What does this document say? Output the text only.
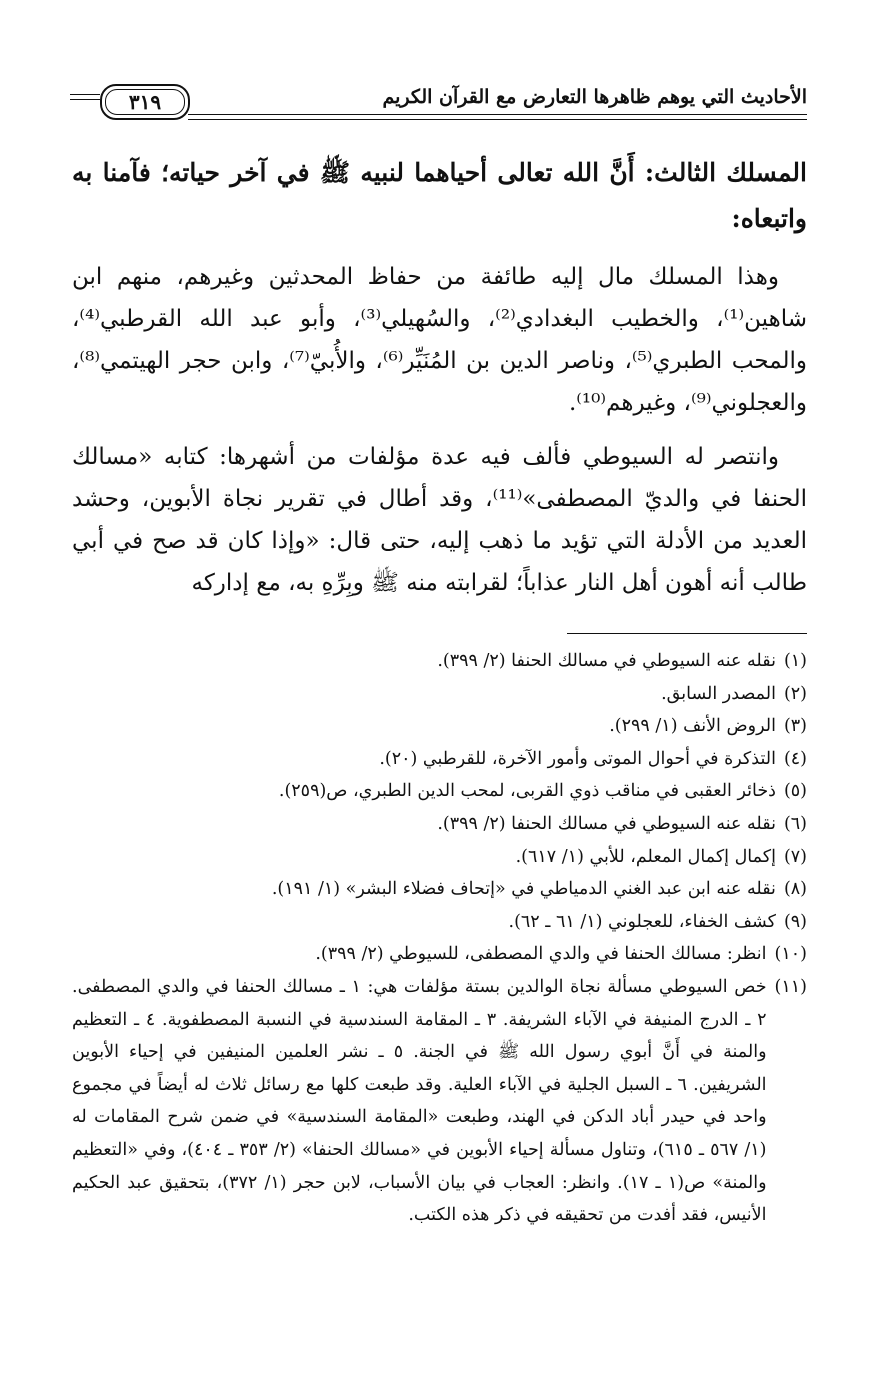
الأحاديث التي يوهم ظاهرها التعارض مع القرآن الكريم
٣١٩

المسلك الثالث: أَنَّ الله تعالى أحياهما لنبيه ﷺ في آخر حياته؛ فآمنا به واتبعاه:

وهذا المسلك مال إليه طائفة من حفاظ المحدثين وغيرهم، منهم ابن شاهين⁽¹⁾، والخطيب البغدادي⁽²⁾، والسُهيلي⁽³⁾، وأبو عبد الله القرطبي⁽⁴⁾، والمحب الطبري⁽⁵⁾، وناصر الدين بن المُنَيِّر⁽⁶⁾، والأُبيّ⁽⁷⁾، وابن حجر الهيتمي⁽⁸⁾، والعجلوني⁽⁹⁾، وغيرهم⁽¹⁰⁾.

وانتصر له السيوطي فألف فيه عدة مؤلفات من أشهرها: كتابه «مسالك الحنفا في والديّ المصطفى»⁽¹¹⁾، وقد أطال في تقرير نجاة الأبوين، وحشد العديد من الأدلة التي تؤيد ما ذهب إليه، حتى قال: «وإذا كان قد صح في أبي طالب أنه أهون أهل النار عذاباً؛ لقرابته منه ﷺ وبِرِّهِ به، مع إداركه

(١)
نقله عنه السيوطي في مسالك الحنفا (٢/ ٣٩٩).
(٢)
المصدر السابق.
(٣)
الروض الأنف (١/ ٢٩٩).
(٤)
التذكرة في أحوال الموتى وأمور الآخرة، للقرطبي (٢٠).
(٥)
ذخائر العقبى في مناقب ذوي القربى، لمحب الدين الطبري، ص(٢٥٩).
(٦)
نقله عنه السيوطي في مسالك الحنفا (٢/ ٣٩٩).
(٧)
إكمال إكمال المعلم، للأبي (١/ ٦١٧).
(٨)
نقله عنه ابن عبد الغني الدمياطي في «إتحاف فضلاء البشر» (١/ ١٩١).
(٩)
كشف الخفاء، للعجلوني (١/ ٦١ ـ ٦٢).
(١٠)
انظر: مسالك الحنفا في والدي المصطفى، للسيوطي (٢/ ٣٩٩).
(١١)
خص السيوطي مسألة نجاة الوالدين بستة مؤلفات هي: ١ ـ مسالك الحنفا في والدي المصطفى. ٢ ـ الدرج المنيفة في الآباء الشريفة. ٣ ـ المقامة السندسية في النسبة المصطفوية. ٤ ـ التعظيم والمنة في أَنَّ أبوي رسول الله ﷺ في الجنة. ٥ ـ نشر العلمين المنيفين في إحياء الأبوين الشريفين. ٦ ـ السبل الجلية في الآباء العلية. وقد طبعت كلها مع رسائل ثلاث له أيضاً في مجموع واحد في حيدر أباد الدكن في الهند، وطبعت «المقامة السندسية» في ضمن شرح المقامات له (١/ ٥٦٧ ـ ٦١٥)، وتناول مسألة إحياء الأبوين في «مسالك الحنفا» (٢/ ٣٥٣ ـ ٤٠٤)، وفي «التعظيم والمنة» ص(١ ـ ١٧). وانظر: العجاب في بيان الأسباب، لابن حجر (١/ ٣٧٢)، بتحقيق عبد الحكيم الأنيس، فقد أفدت من تحقيقه في ذكر هذه الكتب.
